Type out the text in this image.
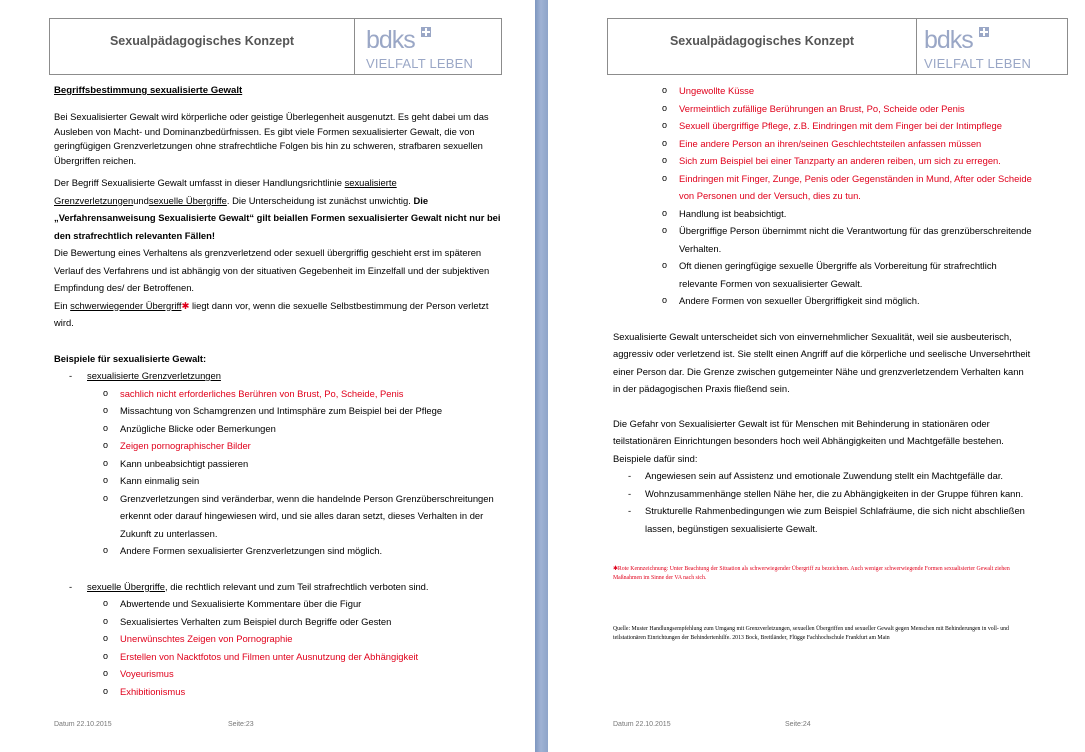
Sexualpädagogisches Konzept	bdks
VIELFALT LEBEN

Begriffsbestimmung sexualisierte Gewalt

Bei Sexualisierter Gewalt wird körperliche oder geistige Überlegenheit ausgenutzt. Es geht dabei um das Ausleben von Macht- und Dominanzbedürfnissen. Es gibt viele Formen sexualisierter Gewalt, die von geringfügigen Grenzverletzungen ohne strafrechtliche Folgen bis hin zu schweren, strafbaren sexuellen Übergriffen reichen.

Der Begriff Sexualisierte Gewalt umfasst in dieser Handlungsrichtlinie sexualisierte Grenzverletzungenundsexuelle Übergriffe. Die Unterscheidung ist zunächst unwichtig. Die „Verfahrensanweisung Sexualisierte Gewalt“ gilt beiallen Formen sexualisierter Gewalt nicht nur bei den strafrechtlich relevanten Fällen!

Die Bewertung eines Verhaltens als grenzverletzend oder sexuell übergriffig geschieht erst im späteren Verlauf des Verfahrens und ist abhängig von der situativen Gegebenheit im Einzelfall und der subjektiven Empfindung des/ der Betroffenen.

Ein schwerwiegender Übergriff✱ liegt dann vor, wenn die sexuelle Selbstbestimmung der Person verletzt wird.

Beispiele für sexualisierte Gewalt:

- sexualisierte Grenzverletzungen
o sachlich nicht erforderliches Berühren von Brust, Po, Scheide, Penis
o Missachtung von Schamgrenzen und Intimsphäre zum Beispiel bei der Pflege
o Anzügliche Blicke oder Bemerkungen
o Zeigen pornographischer Bilder
o Kann unbeabsichtigt passieren
o Kann einmalig sein
o Grenzverletzungen sind veränderbar, wenn die handelnde Person Grenzüberschreitungen erkennt oder darauf hingewiesen wird, und sie alles daran setzt, dieses Verhalten in der Zukunft zu unterlassen.
o Andere Formen sexualisierter Grenzverletzungen sind möglich.
- sexuelle Übergriffe, die rechtlich relevant und zum Teil strafrechtlich verboten sind.
o Abwertende und Sexualisierte Kommentare über die Figur
o Sexualisiertes Verhalten zum Beispiel durch Begriffe oder Gesten
o Unerwünschtes Zeigen von Pornographie
o Erstellen von Nacktfotos und Filmen unter Ausnutzung der Abhängigkeit
o Voyeurismus
o Exhibitionismus
Datum 22.10.2015	Seite:23
Sexualpädagogisches Konzept	bdks
VIELFALT LEBEN
o Ungewollte Küsse
o Vermeintlich zufällige Berührungen an Brust, Po, Scheide oder Penis
o Sexuell übergriffige Pflege, z.B. Eindringen mit dem Finger bei der Intimpflege
o Eine andere Person an ihren/seinen Geschlechtsteilen anfassen müssen
o Sich zum Beispiel bei einer Tanzparty an anderen reiben, um sich zu erregen.
o Eindringen mit Finger, Zunge, Penis oder Gegenständen in Mund, After oder Scheide von Personen und der Versuch, dies zu tun.
o Handlung ist beabsichtigt.
o Übergriffige Person übernimmt nicht die Verantwortung für das grenzüberschreitende Verhalten.
o Oft dienen geringfügige sexuelle Übergriffe als Vorbereitung für strafrechtlich relevante Formen von sexualisierter Gewalt.
o Andere Formen von sexueller Übergriffigkeit sind möglich.

Sexualisierte Gewalt unterscheidet sich von einvernehmlicher Sexualität, weil sie ausbeuterisch, aggressiv oder verletzend ist. Sie stellt einen Angriff auf die körperliche und seelische Unversehrtheit einer Person dar. Die Grenze zwischen gutgemeinter Nähe und grenzverletzendem Verhalten kann in der pädagogischen Praxis fließend sein.

Die Gefahr von Sexualisierter Gewalt ist für Menschen mit Behinderung in stationären oder teilstationären Einrichtungen besonders hoch weil Abhängigkeiten und Machtgefälle bestehen. Beispiele dafür sind:

- Angewiesen sein auf Assistenz und emotionale Zuwendung stellt ein Machtgefälle dar.
- Wohnzusammenhänge stellen Nähe her, die zu Abhängigkeiten in der Gruppe führen kann.
- Strukturelle Rahmenbedingungen wie zum Beispiel Schlafräume, die sich nicht abschließen lassen, begünstigen sexualisierte Gewalt.

✱Rote Kennzeichnung: Unter Beachtung der Situation als schwerwiegender Übergriff zu bezeichnen. Auch weniger schwerwiegende Formen sexualisierter Gewalt ziehen Maßnahmen im Sinne der VA nach sich.

Quelle: Muster Handlungsempfehlung zum Umgang mit Grenzverletzungen, sexuellen Übergriffen und sexueller Gewalt gegen Menschen mit Behinderungen in voll- und teilstationären Einrichtungen der Behindertenhilfe. 2013 Bock, Breitländer, Flügge Fachhochschule Frankfurt am Main

Datum 22.10.2015	Seite:24
